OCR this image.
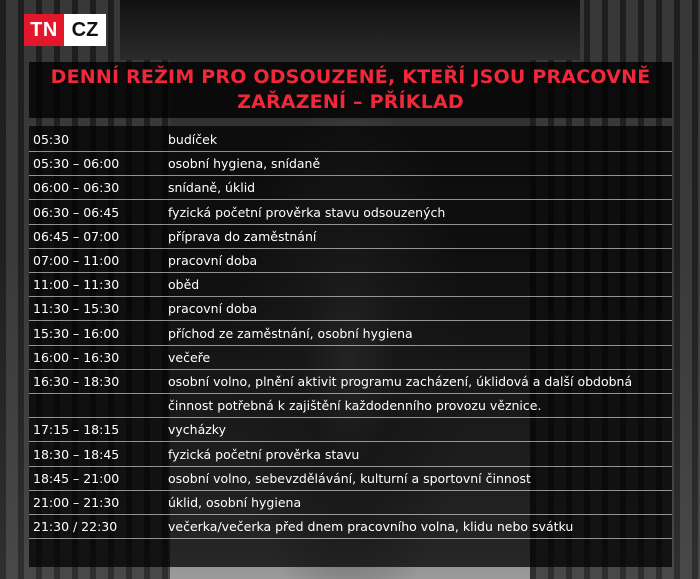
TN CZ
DENNÍ REŽIM PRO ODSOUZENÉ, KTEŘÍ JSOU PRACOVNĚ
ZAŘAZENÍ – PŘÍKLAD
05:30	budíček
05:30 – 06:00	osobní hygiena, snídaně
06:00 – 06:30	snídaně, úklid
06:30 – 06:45	fyzická početní prověrka stavu odsouzených
06:45 – 07:00	příprava do zaměstnání
07:00 – 11:00	pracovní doba
11:00 – 11:30	oběd
11:30 – 15:30	pracovní doba
15:30 – 16:00	příchod ze zaměstnání, osobní hygiena
16:00 – 16:30	večeře
16:30 – 18:30	osobní volno, plnění aktivit programu zacházení, úklidová a další obdobná
činnost potřebná k zajištění každodenního provozu věznice.
17:15 – 18:15	vycházky
18:30 – 18:45	fyzická početní prověrka stavu
18:45 – 21:00	osobní volno, sebevzdělávání, kulturní a sportovní činnost
21:00 – 21:30	úklid, osobní hygiena
21:30 / 22:30	večerka/večerka před dnem pracovního volna, klidu nebo svátku
